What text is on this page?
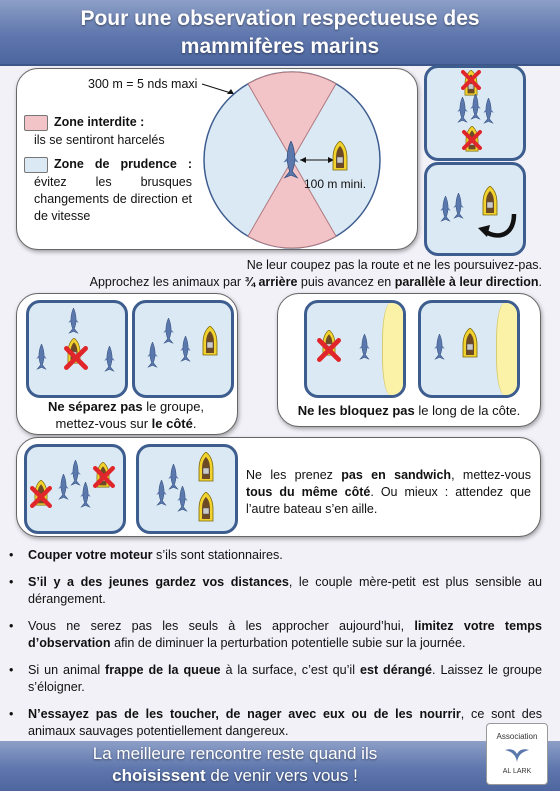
Pour une observation respectueuse des
mammifères marins
300 m = 5 nds maxi
Zone interdite :
ils se sentiront harcelés
Zone de prudence :
évitez les brusques changements de direction et de vitesse
100 m mini.
Ne leur coupez pas la route et ne les poursuivez-pas.
Approchez les animaux par ¾ arrière puis avancez en parallèle à leur direction.
Ne séparez pas le groupe,
mettez-vous sur le côté.
Ne les bloquez pas le long de la côte.
Ne les prenez pas en sandwich, mettez-vous tous du même côté. Ou mieux : attendez que l’autre bateau s’en aille.
• Couper votre moteur s’ils sont stationnaires.
• S’il y a des jeunes gardez vos distances, le couple mère-petit est plus sensible au dérangement.
• Vous ne serez pas les seuls à les approcher aujourd’hui, limitez votre temps d’observation afin de diminuer la perturbation potentielle subie sur la journée.
• Si un animal frappe de la queue à la surface, c’est qu’il est dérangé. Laissez le groupe s’éloigner.
• N’essayez pas de les toucher, de nager avec eux ou de les nourrir, ce sont des animaux sauvages potentiellement dangereux.
La meilleure rencontre reste quand ils
choisissent de venir vers vous !
Association
AL LARK
